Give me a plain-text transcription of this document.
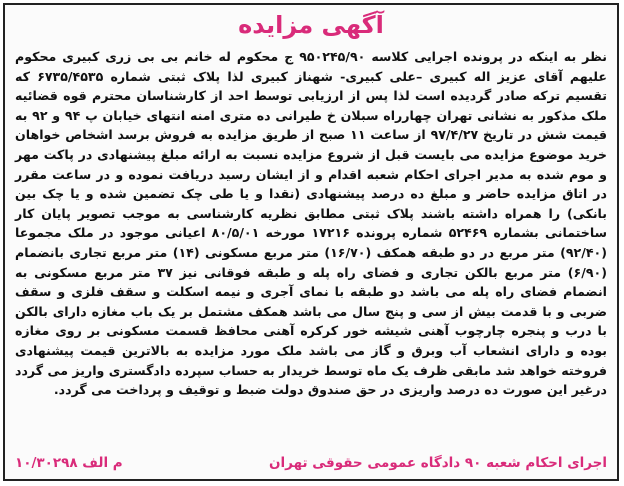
آگهی مزایده
نظر به اینکه در پرونده اجرایی کلاسه ۹۵۰۲۴۵/۹۰ ج محکوم له خانم بی بی زری کبیری محکوم علیهم آقای عزیز اله کبیری –علی کبیری- شهناز کبیری لذا پلاک ثبتی شماره ۶۷۳۵/۴۵۳۵ که تقسیم ترکه صادر گردیده است لذا پس از ارزیابی توسط احد از کارشناسان محترم قوه قضائیه ملک مذکور به نشانی تهران چهارراه سبلان خ طیرانی ده متری امنه انتهای خیابان پ ۹۴ و ۹۲ به قیمت شش در تاریخ ۹۷/۴/۲۷ از ساعت ۱۱ صبح از طریق مزایده به فروش برسد اشخاص خواهان خرید موضوع مزایده می بایست قبل از شروع مزایده نسبت به ارائه مبلغ پیشنهادی در پاکت مهر و موم شده به مدیر اجرای احکام شعبه اقدام و از ایشان رسید دریافت نموده و در ساعت مقرر در اتاق مزایده حاضر و مبلغ ده درصد پیشنهادی (نقدا و یا طی چک تضمین شده و یا چک بین بانکی) را همراه داشته باشند پلاک ثبتی مطابق نظریه کارشناسی به موجب تصویر پایان کار ساختمانی بشماره ۵۲۴۶۹ شماره پرونده ۱۷۲۱۶ مورخه ۸۰/۵/۰۱ اعیانی موجود در ملک مجموعا (۹۲/۴۰) متر مربع در دو طبقه همکف (۱۶/۷۰) متر مربع مسکونی (۱۴) متر مربع تجاری بانضمام (۶/۹۰) متر مربع بالکن تجاری و فضای راه پله و طبقه فوقانی نیز ۳۷ متر مربع مسکونی به انضمام فضای راه پله می باشد دو طبقه با نمای آجری و نیمه اسکلت و سقف فلزی و سقف ضربی و با قدمت بیش از سی و پنج سال می باشد همکف مشتمل بر یک باب مغازه دارای بالکن با درب و پنجره چارچوب آهنی شیشه خور کرکره آهنی محافظ قسمت مسکونی بر روی مغازه بوده و دارای انشعاب آب وبرق و گاز می باشد ملک مورد مزایده به بالاترین قیمت پیشنهادی فروخته خواهد شد مابقی ظرف یک ماه توسط خریدار به حساب سپرده دادگستری واریز می گردد درغیر این صورت ده درصد واریزی در حق صندوق دولت ضبط و توقیف و پرداخت می گردد.
اجرای احکام شعبه ۹۰ دادگاه عمومی حقوقی تهران
م الف ۱۰/۳۰۲۹۸
